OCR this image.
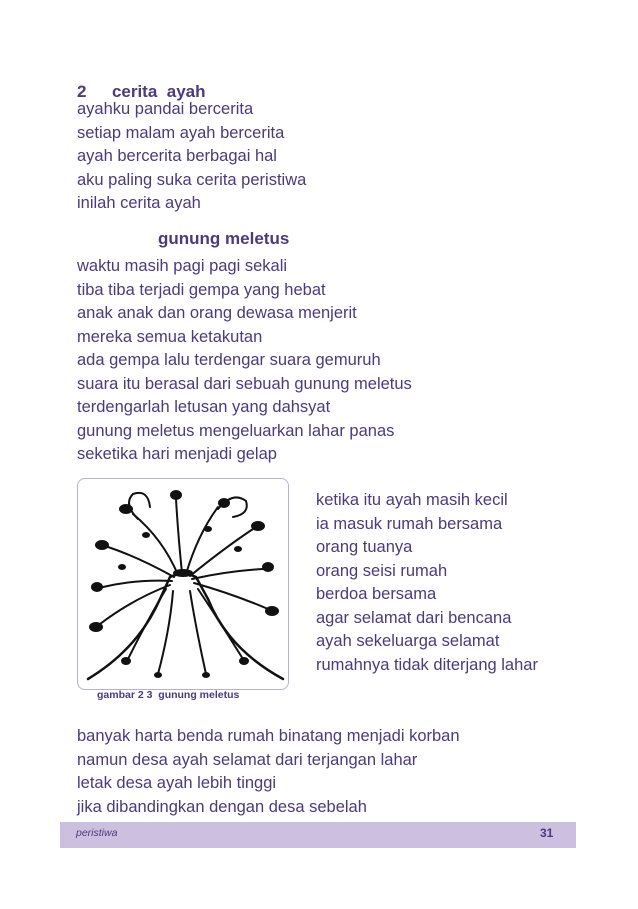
2 cerita  ayah
ayahku pandai bercerita
setiap malam ayah bercerita
ayah bercerita berbagai hal
aku paling suka cerita peristiwa
inilah cerita ayah
gunung meletus
waktu masih pagi pagi sekali
tiba tiba terjadi gempa yang hebat
anak anak dan orang dewasa menjerit
mereka semua ketakutan
ada gempa lalu terdengar suara gemuruh
suara itu berasal dari sebuah gunung meletus
terdengarlah letusan yang dahsyat
gunung meletus mengeluarkan lahar panas
seketika hari menjadi gelap
gambar 2 3  gunung meletus
ketika itu ayah masih kecil
ia masuk rumah bersama
orang tuanya
orang seisi rumah
berdoa bersama
agar selamat dari bencana
ayah sekeluarga selamat
rumahnya tidak diterjang lahar
banyak harta benda rumah binatang menjadi korban
namun desa ayah selamat dari terjangan lahar
letak desa ayah lebih tinggi
jika dibandingkan dengan desa sebelah
peristiwa	31
